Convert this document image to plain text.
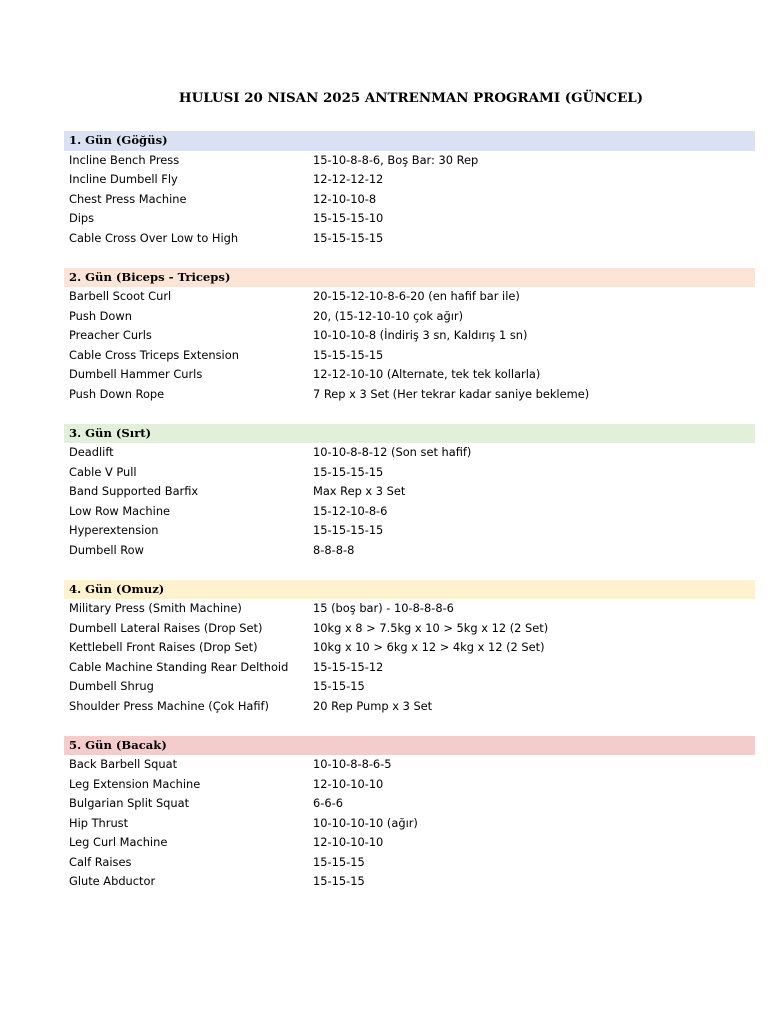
HULUSI 20 NISAN 2025 ANTRENMAN PROGRAMI (GÜNCEL)
1. Gün (Göğüs)
Incline Bench Press	15-10-8-8-6, Boş Bar: 30 Rep
Incline Dumbell Fly	12-12-12-12
Chest Press Machine	12-10-10-8
Dips	15-15-15-10
Cable Cross Over Low to High	15-15-15-15
2. Gün (Biceps - Triceps)
Barbell Scoot Curl	20-15-12-10-8-6-20 (en hafif bar ile)
Push Down	20, (15-12-10-10 çok ağır)
Preacher Curls	10-10-10-8 (İndiriş 3 sn, Kaldırış 1 sn)
Cable Cross Triceps Extension	15-15-15-15
Dumbell Hammer Curls	12-12-10-10 (Alternate, tek tek kollarla)
Push Down Rope	7 Rep x 3 Set (Her tekrar kadar saniye bekleme)
3. Gün (Sırt)
Deadlift	10-10-8-8-12 (Son set hafif)
Cable V Pull	15-15-15-15
Band Supported Barfix	Max Rep x 3 Set
Low Row Machine	15-12-10-8-6
Hyperextension	15-15-15-15
Dumbell Row	8-8-8-8
4. Gün (Omuz)
Military Press (Smith Machine)	15 (boş bar) - 10-8-8-8-6
Dumbell Lateral Raises (Drop Set)	10kg x 8 > 7.5kg x 10 > 5kg x 12 (2 Set)
Kettlebell Front Raises (Drop Set)	10kg x 10 > 6kg x 12 > 4kg x 12 (2 Set)
Cable Machine Standing Rear Delthoid	15-15-15-12
Dumbell Shrug	15-15-15
Shoulder Press Machine (Çok Hafif)	20 Rep Pump x 3 Set
5. Gün (Bacak)
Back Barbell Squat	10-10-8-8-6-5
Leg Extension Machine	12-10-10-10
Bulgarian Split Squat	6-6-6
Hip Thrust	10-10-10-10 (ağır)
Leg Curl Machine	12-10-10-10
Calf Raises	15-15-15
Glute Abductor	15-15-15
